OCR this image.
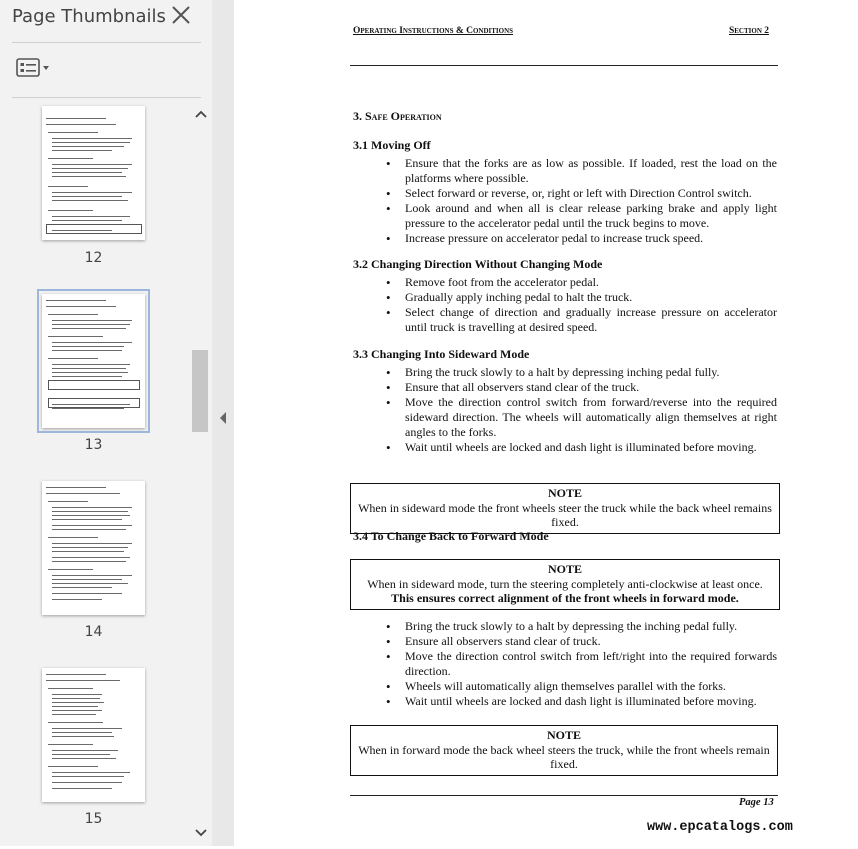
Page Thumbnails
12
13
14
15
Operating Instructions & Conditions	Section 2
3. Safe Operation
3.1 Moving Off
• Ensure that the forks are as low as possible. If loaded, rest the load on the platforms where possible.
• Select forward or reverse, or, right or left with Direction Control switch.
• Look around and when all is clear release parking brake and apply light pressure to the accelerator pedal until the truck begins to move.
• Increase pressure on accelerator pedal to increase truck speed.
3.2 Changing Direction Without Changing Mode
• Remove foot from the accelerator pedal.
• Gradually apply inching pedal to halt the truck.
• Select change of direction and gradually increase pressure on accelerator until truck is travelling at desired speed.
3.3 Changing Into Sideward Mode
• Bring the truck slowly to a halt by depressing inching pedal fully.
• Ensure that all observers stand clear of the truck.
• Move the direction control switch from forward/reverse into the required sideward direction. The wheels will automatically align themselves at right angles to the forks.
• Wait until wheels are locked and dash light is illuminated before moving.
NOTE
When in sideward mode the front wheels steer the truck while the back wheel remains fixed.
3.4 To Change Back to Forward Mode
NOTE
When in sideward mode, turn the steering completely anti-clockwise at least once.
This ensures correct alignment of the front wheels in forward mode.
• Bring the truck slowly to a halt by depressing the inching pedal fully.
• Ensure all observers stand clear of truck.
• Move the direction control switch from left/right into the required forwards direction.
• Wheels will automatically align themselves parallel with the forks.
• Wait until wheels are locked and dash light is illuminated before moving.
NOTE
When in forward mode the back wheel steers the truck, while the front wheels remain fixed.
Page 13
www.epcatalogs.com
